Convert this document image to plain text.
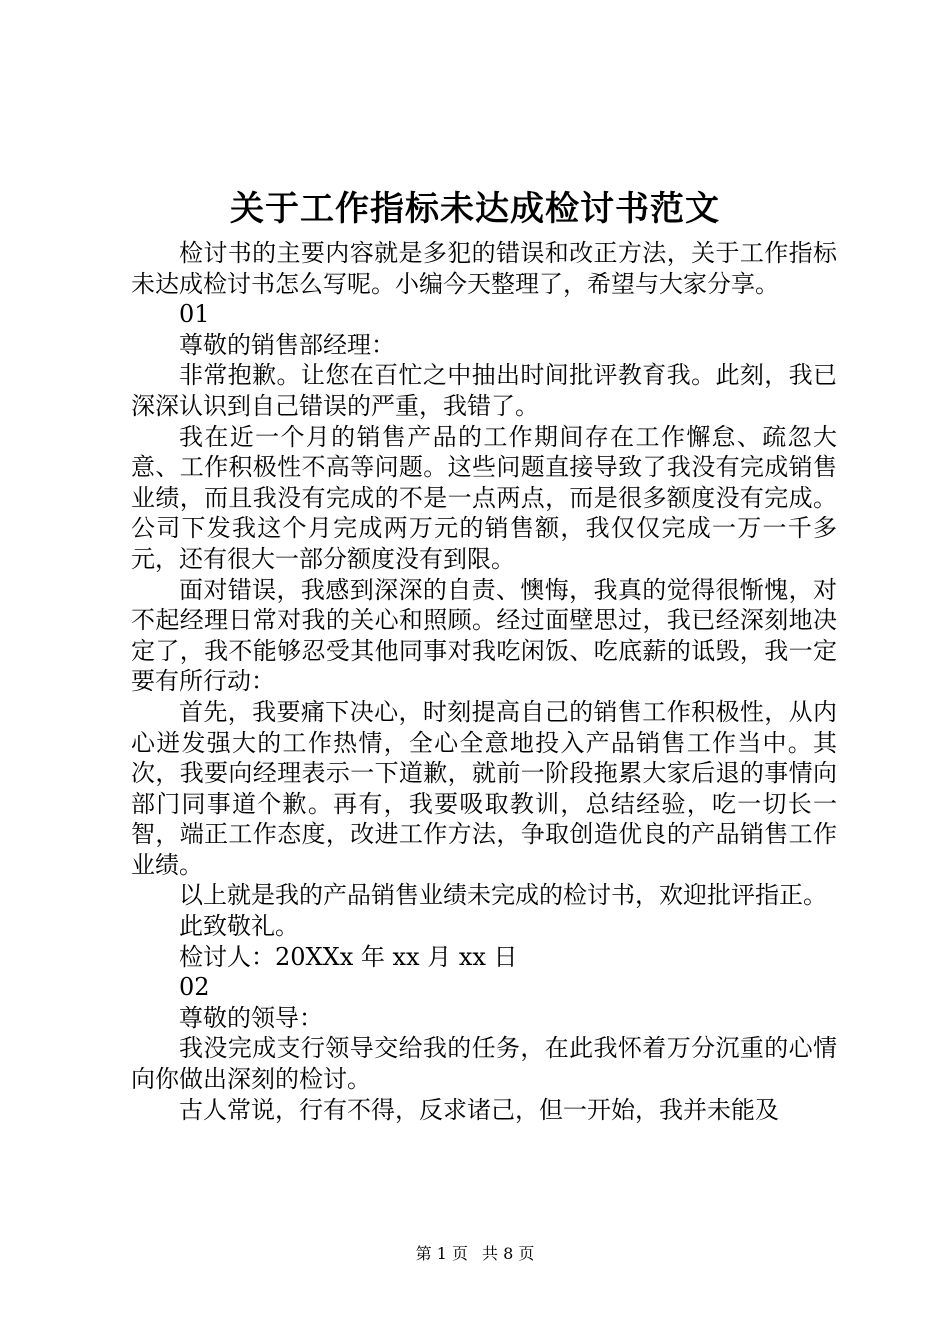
关于工作指标未达成检讨书范文

检讨书的主要内容就是多犯的错误和改正方法，关于工作指标未达成检讨书怎么写呢。小编今天整理了，希望与大家分享。

01

尊敬的销售部经理：

非常抱歉。让您在百忙之中抽出时间批评教育我。此刻，我已深深认识到自己错误的严重，我错了。

我在近一个月的销售产品的工作期间存在工作懈怠、疏忽大意、工作积极性不高等问题。这些问题直接导致了我没有完成销售业绩，而且我没有完成的不是一点两点，而是很多额度没有完成。公司下发我这个月完成两万元的销售额，我仅仅完成一万一千多元，还有很大一部分额度没有到限。

面对错误，我感到深深的自责、懊悔，我真的觉得很惭愧，对不起经理日常对我的关心和照顾。经过面壁思过，我已经深刻地决定了，我不能够忍受其他同事对我吃闲饭、吃底薪的诋毁，我一定要有所行动：

首先，我要痛下决心，时刻提高自己的销售工作积极性，从内心迸发强大的工作热情，全心全意地投入产品销售工作当中。其次，我要向经理表示一下道歉，就前一阶段拖累大家后退的事情向部门同事道个歉。再有，我要吸取教训，总结经验，吃一切长一智，端正工作态度，改进工作方法，争取创造优良的产品销售工作业绩。

以上就是我的产品销售业绩未完成的检讨书，欢迎批评指正。

此致敬礼。

检讨人：20XXx 年 xx 月 xx 日

02

尊敬的领导：

我没完成支行领导交给我的任务，在此我怀着万分沉重的心情向你做出深刻的检讨。

古人常说，行有不得，反求诸己，但一开始，我并未能及

第 1 页 共 8 页
